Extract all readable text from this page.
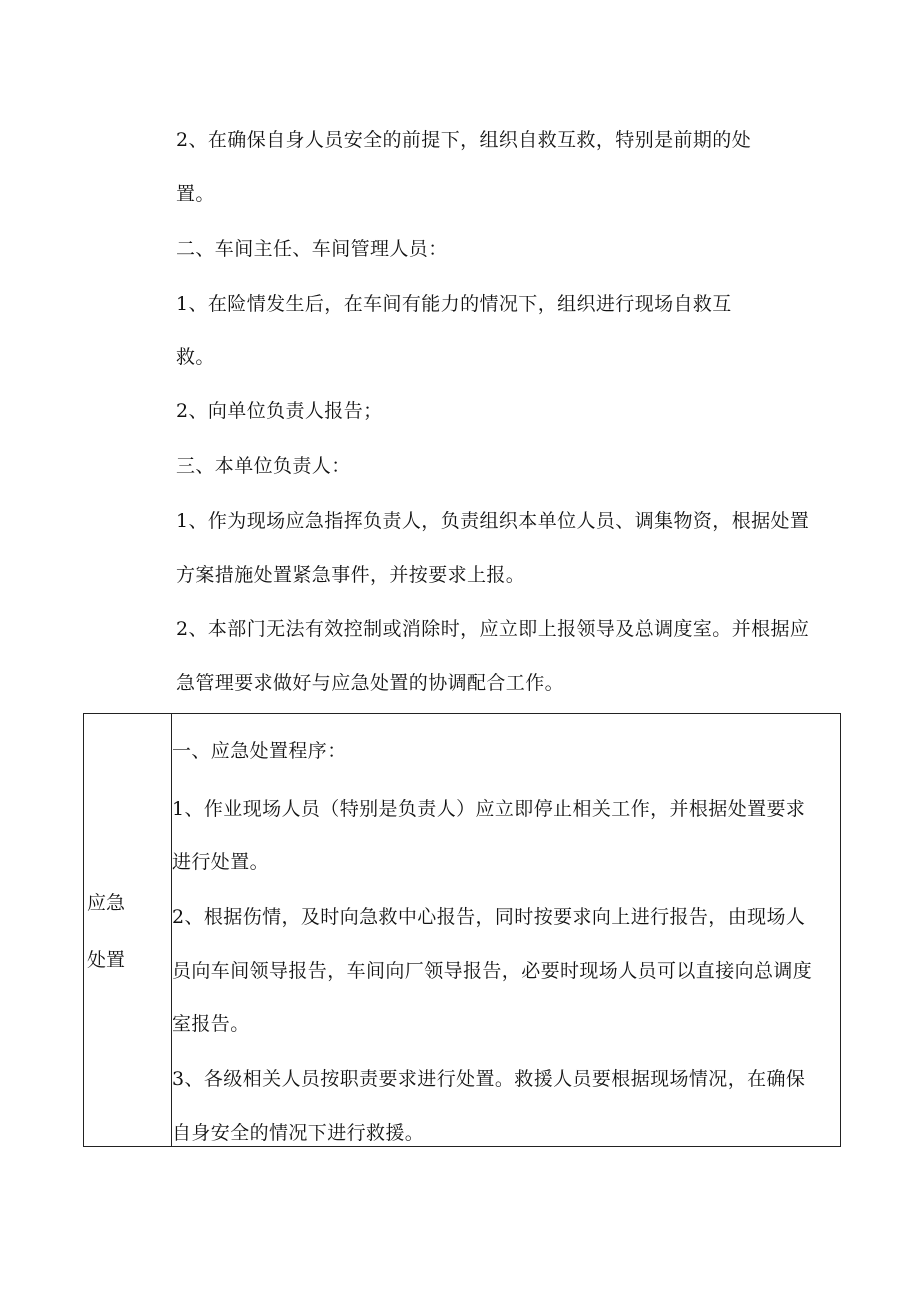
2、在确保自身人员安全的前提下，组织自救互救，特别是前期的处
置。
二、车间主任、车间管理人员：
1、在险情发生后，在车间有能力的情况下，组织进行现场自救互
救。
2、向单位负责人报告；
三、本单位负责人：
1、作为现场应急指挥负责人，负责组织本单位人员、调集物资，根据处置
方案措施处置紧急事件，并按要求上报。
2、本部门无法有效控制或消除时，应立即上报领导及总调度室。并根据应
急管理要求做好与应急处置的协调配合工作。
应急
处置
一、应急处置程序：
1、作业现场人员（特别是负责人）应立即停止相关工作，并根据处置要求
进行处置。
2、根据伤情，及时向急救中心报告，同时按要求向上进行报告，由现场人
员向车间领导报告，车间向厂领导报告，必要时现场人员可以直接向总调度
室报告。
3、各级相关人员按职责要求进行处置。救援人员要根据现场情况，在确保
自身安全的情况下进行救援。
